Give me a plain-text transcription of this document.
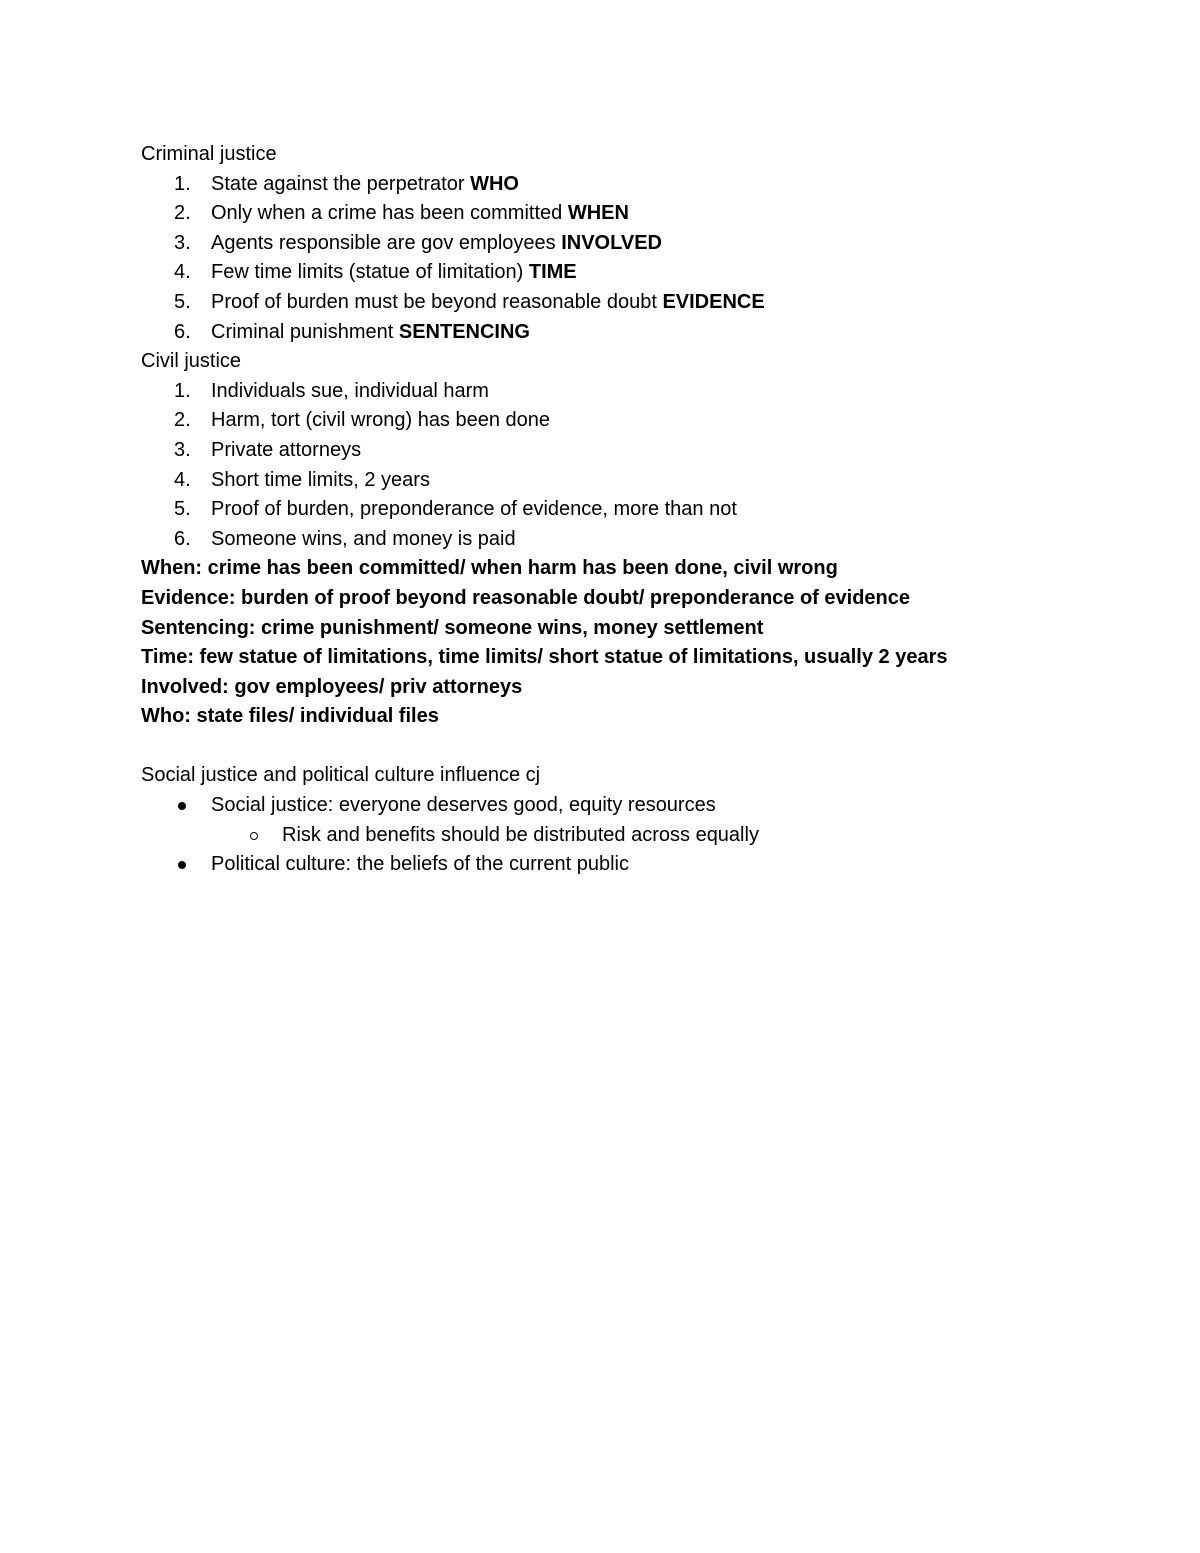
Criminal justice
1.	State against the perpetrator WHO
2.	Only when a crime has been committed WHEN
3.	Agents responsible are gov employees INVOLVED
4.	Few time limits (statue of limitation) TIME
5.	Proof of burden must be beyond reasonable doubt EVIDENCE
6.	Criminal punishment SENTENCING
Civil justice
1.	Individuals sue, individual harm
2.	Harm, tort (civil wrong) has been done
3.	Private attorneys
4.	Short time limits, 2 years
5.	Proof of burden, preponderance of evidence, more than not
6.	Someone wins, and money is paid
When: crime has been committed/ when harm has been done, civil wrong
Evidence: burden of proof beyond reasonable doubt/ preponderance of evidence
Sentencing: crime punishment/ someone wins, money settlement
Time: few statue of limitations, time limits/ short statue of limitations, usually 2 years
Involved: gov employees/ priv attorneys
Who: state files/ individual files
Social justice and political culture influence cj
Social justice: everyone deserves good, equity resources
Risk and benefits should be distributed across equally
Political culture: the beliefs of the current public
